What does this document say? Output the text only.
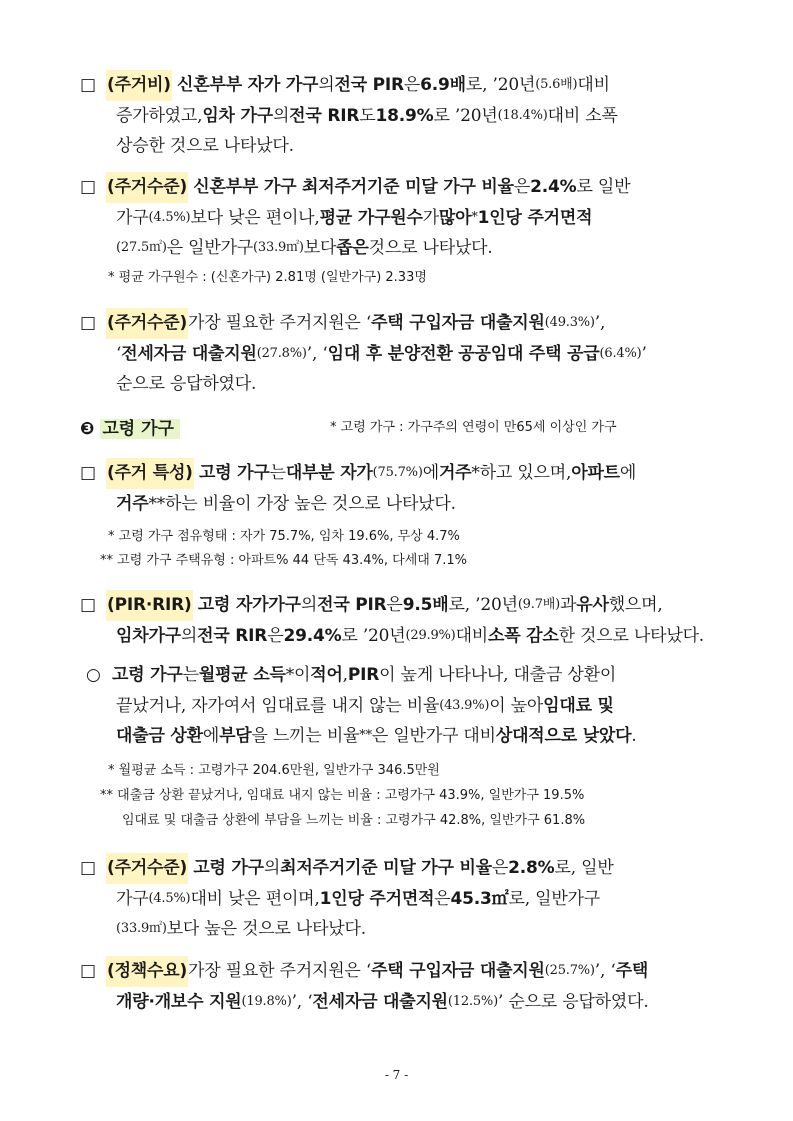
□ (주거비)
신혼부부 자가 가구 의 전국 PIR 은 6.9배 로, ’20년 (5.6배) 대비
증가하였고, 임차 가구 의 전국 RIR 도 18.9% 로 ’20년 (18.4%) 대비 소폭
상승한 것으로 나타났다.
□ (주거수준)
신혼부부 가구 최저주거기준 미달 가구 비율 은 2.4% 로 일반
가구 (4.5%) 보다 낮은 편이나, 평균 가구원수 가 많아 * 1인당 주거면적
(27.5㎡) 은 일반가구 (33.9㎡) 보다 좁은 것으로 나타났다.
* 평균 가구원수 : (신혼가구) 2.81명 (일반가구) 2.33명
□ (주거수준) 가장 필요한 주거지원은 ‘ 주택 구입자금 대출지원 (49.3%) ’,
‘ 전세자금 대출지원 (27.8%) ’, ‘ 임대 후 분양전환 공공임대 주택 공급 (6.4%) ’
순으로 응답하였다.
❸ 고령 가구	* 고령 가구 : 가구주의 연령이 만65세 이상인 가구
□ (주거 특성)
고령 가구 는 대부분 자가 (75.7%) 에 거주 *하고 있으며, 아파트 에
거주 **하는 비율이 가장 높은 것으로 나타났다.
* 고령 가구 점유형태 : 자가 75.7%, 임차 19.6%, 무상 4.7%
** 고령 가구 주택유형 : 아파트% 44 단독 43.4%, 다세대 7.1%
□ (PIR·RIR)
고령 자가가구 의 전국 PIR 은 9.5배 로, ’20년 (9.7배) 과 유사 했으며,
임차가구 의 전국 RIR 은 29.4% 로 ’20년 (29.9%) 대비 소폭 감소 한 것으로 나타났다.
○ 고령 가구 는 월평균 소득 *이 적어 , PIR 이 높게 나타나나, 대출금 상환이
끝났거나, 자가여서 임대료를 내지 않는 비율 (43.9%) 이 높아 임대료 및
대출금 상환 에 부담 을 느끼는 비율 ** 은 일반가구 대비 상대적으로 낮았다 .
* 월평균 소득 : 고령가구 204.6만원, 일반가구 346.5만원
** 대출금 상환 끝났거나, 임대료 내지 않는 비율 : 고령가구 43.9%, 일반가구 19.5%
임대료 및 대출금 상환에 부담을 느끼는 비율 : 고령가구 42.8%, 일반가구 61.8%
□ (주거수준)
고령 가구 의 최저주거기준 미달 가구 비율 은 2.8% 로, 일반
가구 (4.5%) 대비 낮은 편이며, 1인당 주거면적 은 45.3㎡ 로, 일반가구
(33.9㎡) 보다 높은 것으로 나타났다.
□ (정책수요) 가장 필요한 주거지원은 ‘ 주택 구입자금 대출지원 (25.7%) ’, ‘ 주택
개량·개보수 지원 (19.8%) ’, ‘ 전세자금 대출지원 (12.5%) ’ 순으로 응답하였다.
- 7 -
